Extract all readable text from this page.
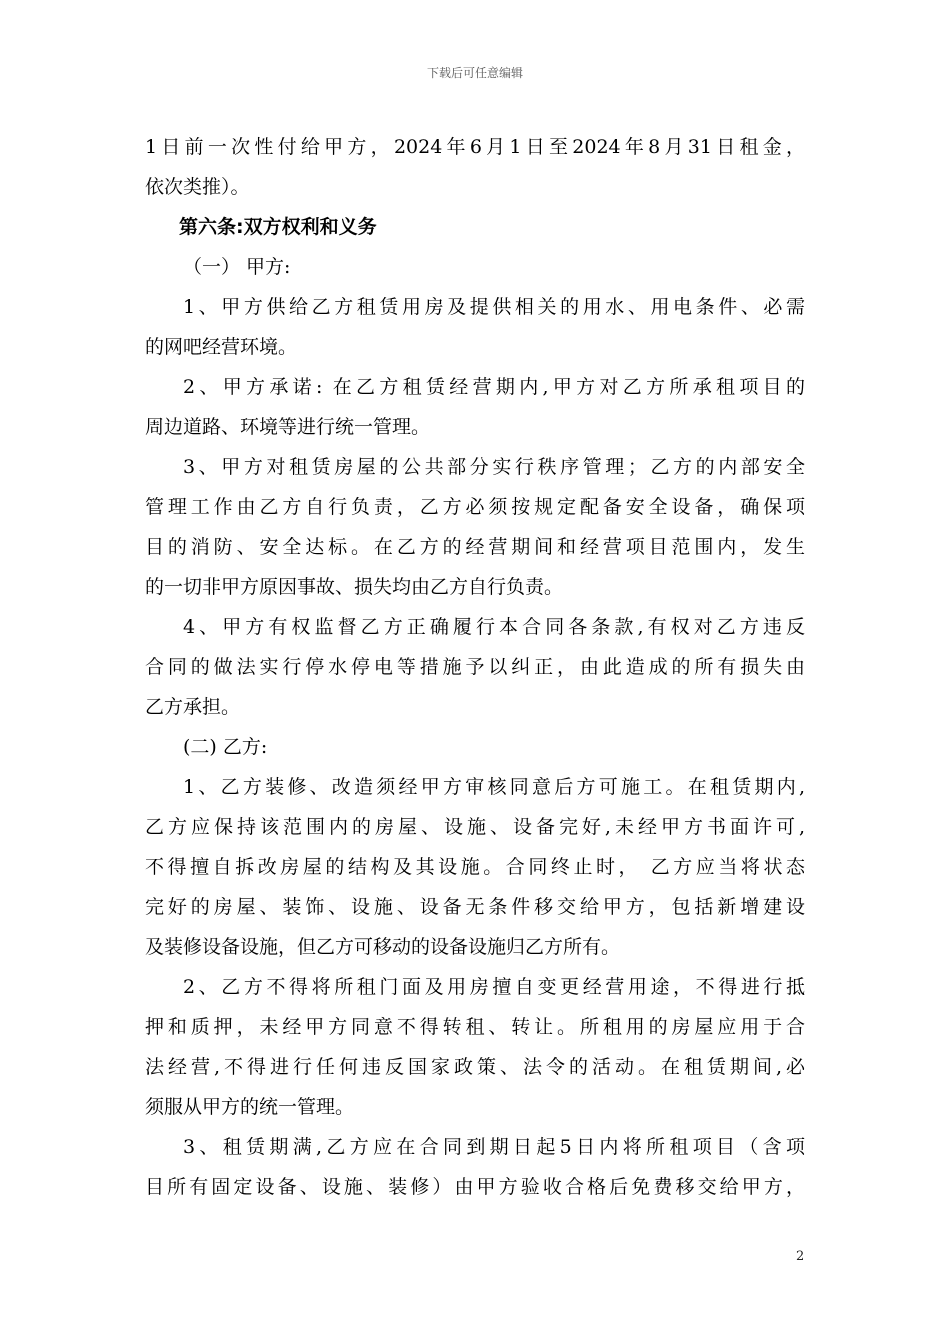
下载后可任意编辑
1日前一次性付给甲方，2024年6月1日至2024年8月31日租金，
依次类推）。
第六条:双方权利和义务
（一） 甲方:
1、甲方供给乙方租赁用房及提供相关的用水、用电条件、必需
的网吧经营环境。
2、甲方承诺: 在乙方租赁经营期内,甲方对乙方所承租项目的
周边道路、环境等进行统一管理。
3、甲方对租赁房屋的公共部分实行秩序管理；乙方的内部安全
管理工作由乙方自行负责，乙方必须按规定配备安全设备，确保项
目的消防、安全达标。在乙方的经营期间和经营项目范围内，发生
的一切非甲方原因事故、损失均由乙方自行负责。
4、甲方有权监督乙方正确履行本合同各条款,有权对乙方违反
合同的做法实行停水停电等措施予以纠正，由此造成的所有损失由
乙方承担。
(二) 乙方:
1、乙方装修、改造须经甲方审核同意后方可施工。在租赁期内,
乙方应保持该范围内的房屋、设施、设备完好,未经甲方书面许可,
不得擅自拆改房屋的结构及其设施。合同终止时， 乙方应当将状态
完好的房屋、装饰、设施、设备无条件移交给甲方，包括新增建设
及装修设备设施，但乙方可移动的设备设施归乙方所有。
2、乙方不得将所租门面及用房擅自变更经营用途，不得进行抵
押和质押，未经甲方同意不得转租、转让。所租用的房屋应用于合
法经营,不得进行任何违反国家政策、法令的活动。在租赁期间,必
须服从甲方的统一管理。
3、租赁期满,乙方应在合同到期日起5日内将所租项目（含项
目所有固定设备、设施、装修）由甲方验收合格后免费移交给甲方，
2
